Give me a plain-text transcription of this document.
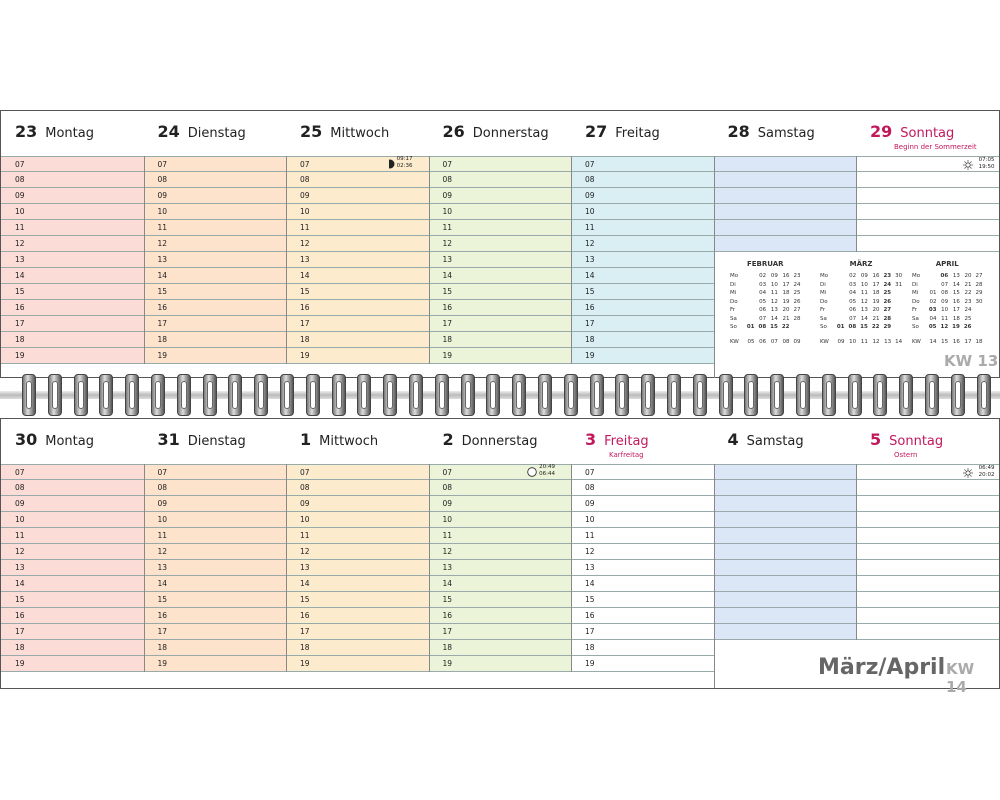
23 Montag
07
08
09
10
11
12
13
14
15
16
17
18
19
24 Dienstag
07
08
09
10
11
12
13
14
15
16
17
18
19
25 Mittwoch
07
08
09
10
11
12
13
14
15
16
17
18
19
09:17
02:36
26 Donnerstag
07
08
09
10
11
12
13
14
15
16
17
18
19
27 Freitag
07
08
09
10
11
12
13
14
15
16
17
18
19
28 Samstag	29 Sonntag
Beginn der Sommerzeit
07:05
19:50
30 Montag
07
08
09
10
11
12
13
14
15
16
17
18
19
31 Dienstag
07
08
09
10
11
12
13
14
15
16
17
18
19
1 Mittwoch
07
08
09
10
11
12
13
14
15
16
17
18
19
2 Donnerstag
07
08
09
10
11
12
13
14
15
16
17
18
19
20:49
06:44
3 Freitag
Karfreitag
07
08
09
10
11
12
13
14
15
16
17
18
19
4 Samstag	5 Sonntag
Ostern
06:49
20:02
FEBRUAR
Mo		02	09	16	23
Di		03	10	17	24
Mi		04	11	18	25
Do		05	12	19	26
Fr		06	13	20	27
Sa		07	14	21	28
So	01	08	15	22	

KW	05	06	07	08	09
MÄRZ
Mo		02	09	16	23	30
Di		03	10	17	24	31
Mi		04	11	18	25	
Do		05	12	19	26	
Fr		06	13	20	27	
Sa		07	14	21	28	
So	01	08	15	22	29	

KW	09	10	11	12	13	14
APRIL
Mo		06	13	20	27
Di		07	14	21	28
Mi	01	08	15	22	29
Do	02	09	16	23	30
Fr	03	10	17	24	
Sa	04	11	18	25	
So	05	12	19	26	

KW	14	15	16	17	18
KW 13
März/April KW 14
